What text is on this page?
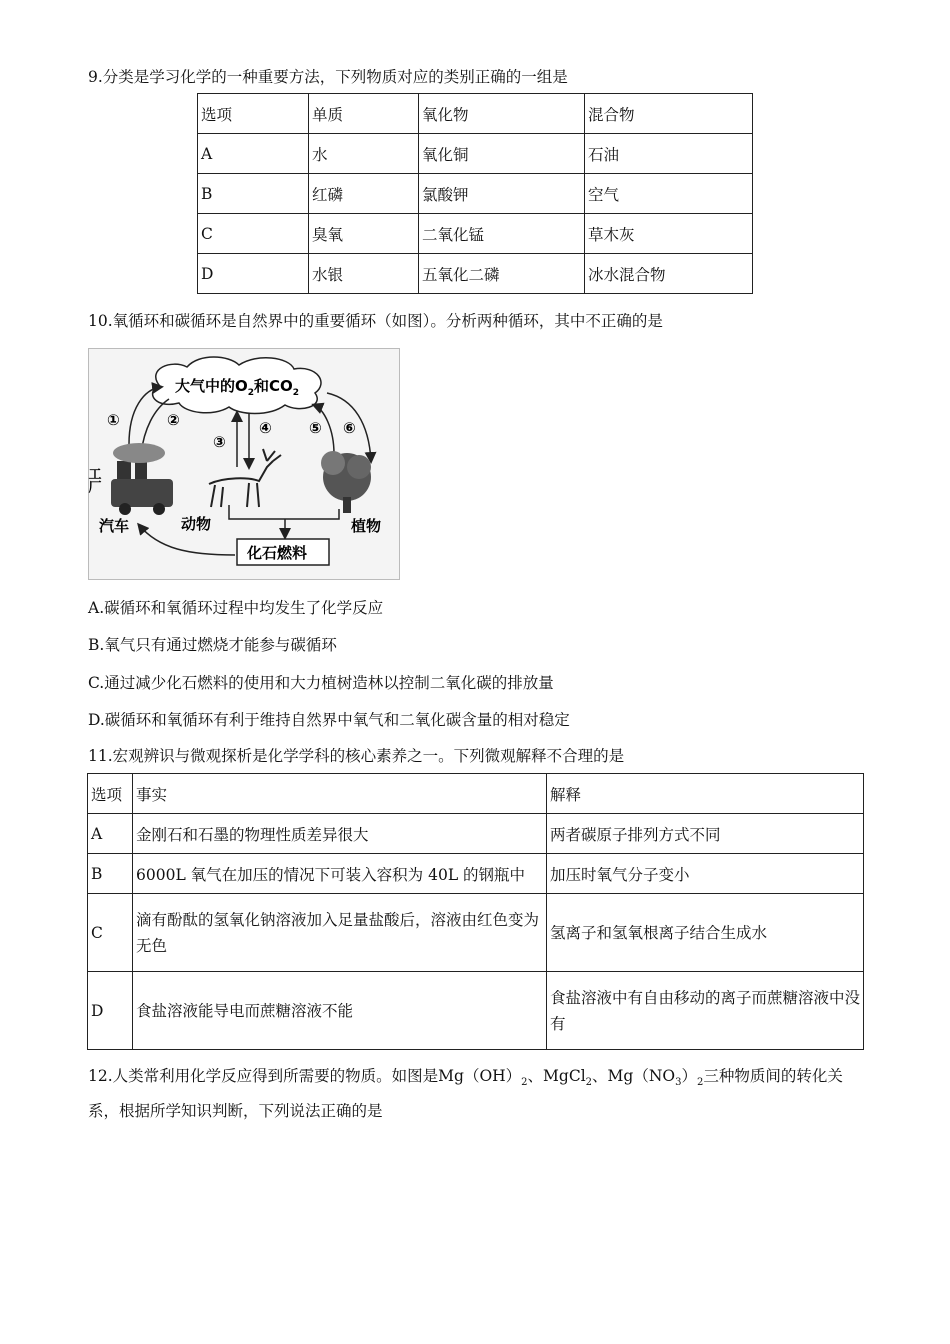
9.分类是学习化学的一种重要方法，下列物质对应的类别正确的一组是
选项	单质	氧化物	混合物
A	水	氧化铜	石油
B	红磷	氯酸钾	空气
C	臭氧	二氧化锰	草木灰
D	水银	五氧化二磷	冰水混合物
10.氧循环和碳循环是自然界中的重要循环（如图）。分析两种循环，其中不正确的是
大气中的$O_2$和$CO_2$
①	②
③
④ ⑤ ⑥
工厂
汽车	动物	植物
化石燃料
A.碳循环和氧循环过程中均发生了化学反应
B.氧气只有通过燃烧才能参与碳循环
C.通过减少化石燃料的使用和大力植树造林以控制二氧化碳的排放量
D.碳循环和氧循环有利于维持自然界中氧气和二氧化碳含量的相对稳定
11.宏观辨识与微观探析是化学学科的核心素养之一。下列微观解释不合理的是
选项	事实	解释
A	金刚石和石墨的物理性质差异很大	两者碳原子排列方式不同
B	6000L 氧气在加压的情况下可装入容积为 40L 的钢瓶中	加压时氧气分子变小
C	滴有酚酞的氢氧化钠溶液加入足量盐酸后，溶液由红色变为无色	氢离子和氢氧根离子结合生成水
D	食盐溶液能导电而蔗糖溶液不能	食盐溶液中有自由移动的离子而蔗糖溶液中没有
12.人类常利用化学反应得到所需要的物质。如图是$Mg(OH)_2$、MgCl$_2$、$Mg(NO_3)_2$三种物质间的转化关
系，根据所学知识判断，下列说法正确的是
